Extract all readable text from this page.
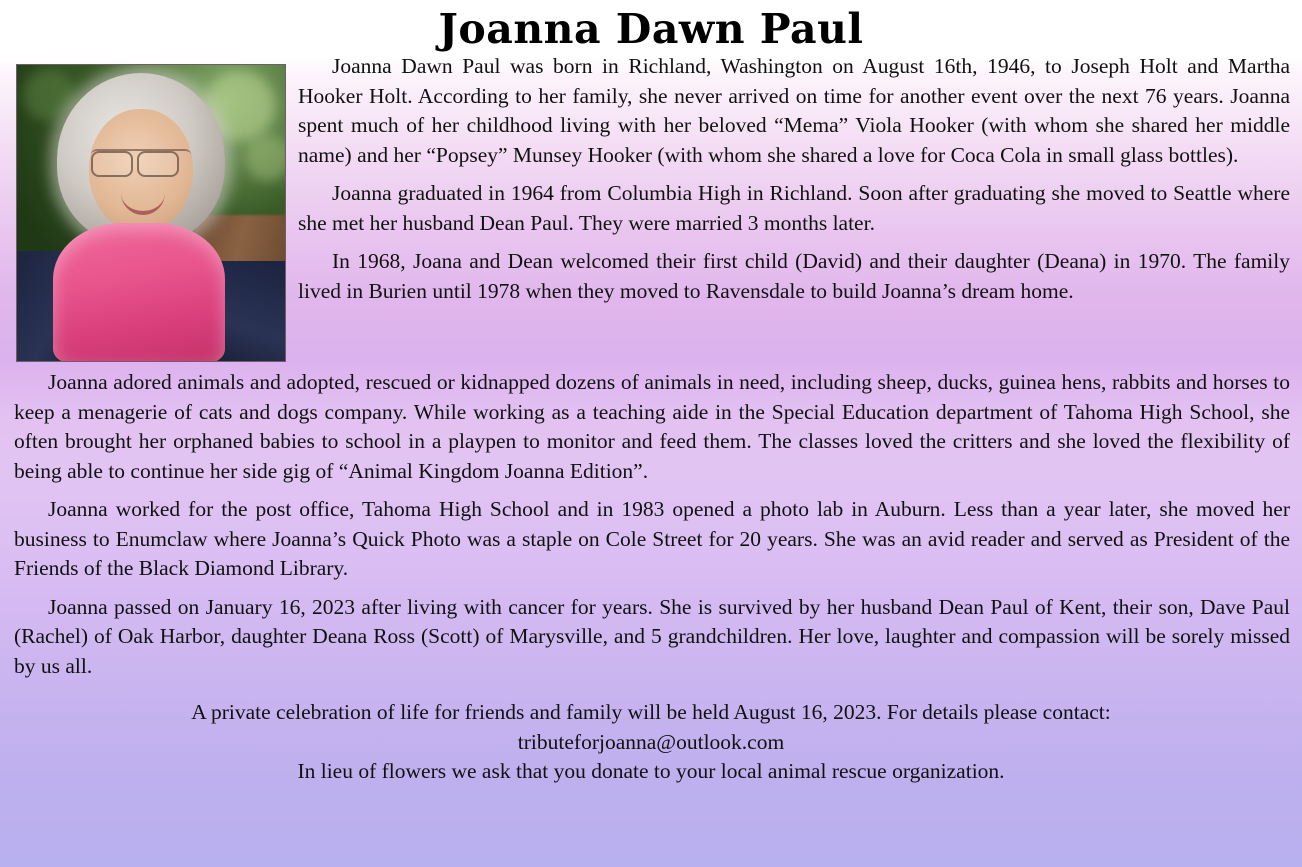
Joanna Dawn Paul

Joanna Dawn Paul was born in Richland, Washington on August 16th, 1946, to Joseph Holt and Martha Hooker Holt. According to her family, she never arrived on time for another event over the next 76 years. Joanna spent much of her childhood living with her beloved “Mema” Viola Hooker (with whom she shared her middle name) and her “Popsey” Munsey Hooker (with whom she shared a love for Coca Cola in small glass bottles).

Joanna graduated in 1964 from Columbia High in Richland. Soon after graduating she moved to Seattle where she met her husband Dean Paul. They were married 3 months later.

In 1968, Joana and Dean welcomed their first child (David) and their daughter (Deana) in 1970. The family lived in Burien until 1978 when they moved to Ravensdale to build Joanna’s dream home.

Joanna adored animals and adopted, rescued or kidnapped dozens of animals in need, including sheep, ducks, guinea hens, rabbits and horses to keep a menagerie of cats and dogs company. While working as a teaching aide in the Special Education department of Tahoma High School, she often brought her orphaned babies to school in a playpen to monitor and feed them. The classes loved the critters and she loved the flexibility of being able to continue her side gig of “Animal Kingdom Joanna Edition”.

Joanna worked for the post office, Tahoma High School and in 1983 opened a photo lab in Auburn. Less than a year later, she moved her business to Enumclaw where Joanna’s Quick Photo was a staple on Cole Street for 20 years. She was an avid reader and served as President of the Friends of the Black Diamond Library.

Joanna passed on January 16, 2023 after living with cancer for years. She is survived by her husband Dean Paul of Kent, their son, Dave Paul (Rachel) of Oak Harbor, daughter Deana Ross (Scott) of Marysville, and 5 grandchildren. Her love, laughter and compassion will be sorely missed by us all.

A private celebration of life for friends and family will be held August 16, 2023. For details please contact:

tributeforjoanna@outlook.com

In lieu of flowers we ask that you donate to your local animal rescue organization.
